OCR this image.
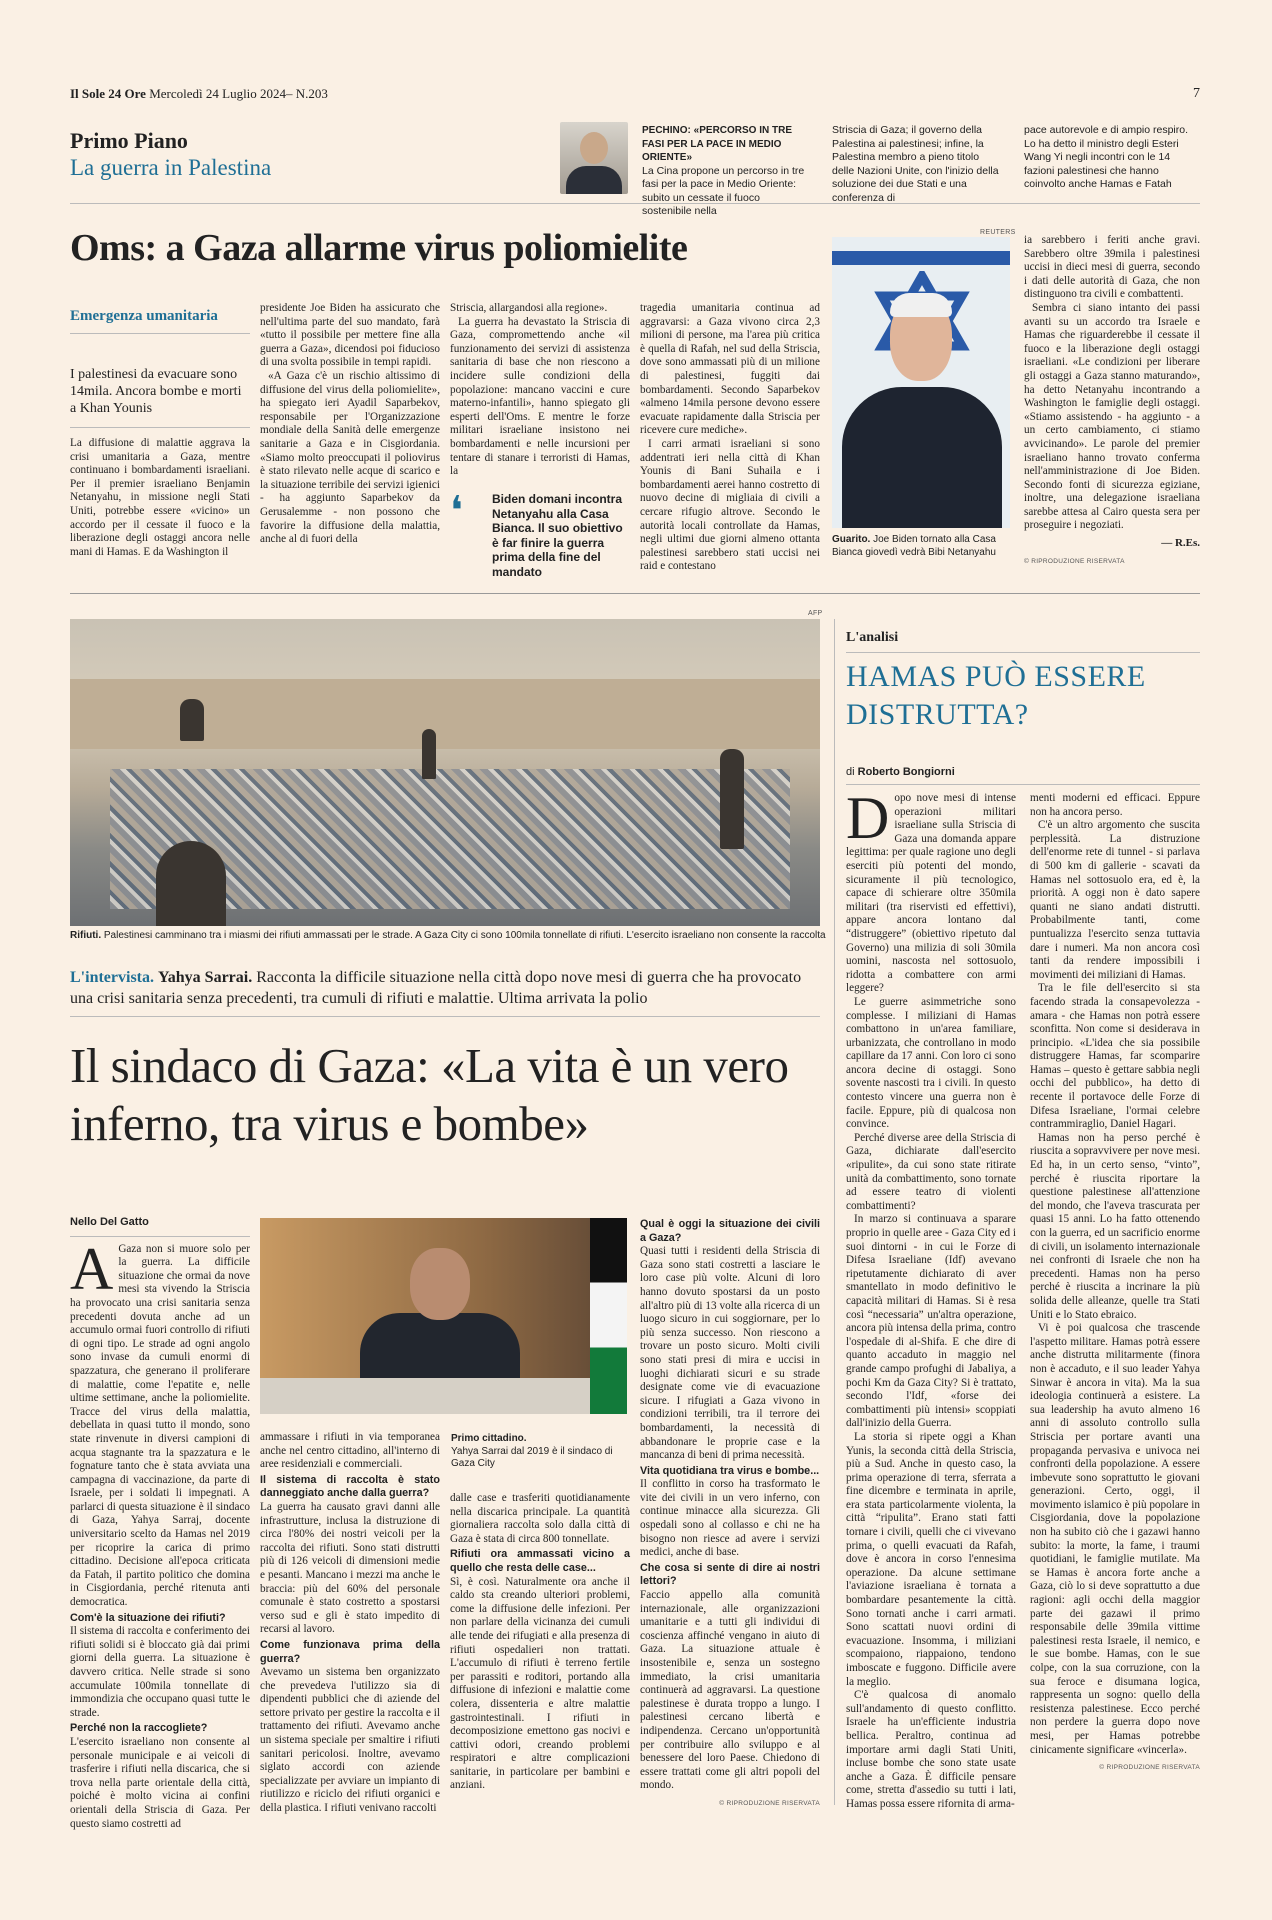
Il Sole 24 Ore Mercoledì 24 Luglio 2024– N.203	7
Primo Piano
La guerra in Palestina
PECHINO: «PERCORSO IN TRE FASI PER LA PACE IN MEDIO ORIENTE»
La Cina propone un percorso in tre fasi per la pace in Medio Oriente: subito un cessate il fuoco sostenibile nella
Striscia di Gaza; il governo della Palestina ai palestinesi; infine, la Palestina membro a pieno titolo delle Nazioni Unite, con l'inizio della soluzione dei due Stati e una conferenza di
pace autorevole e di ampio respiro. Lo ha detto il ministro degli Esteri Wang Yi negli incontri con le 14 fazioni palestinesi che hanno coinvolto anche Hamas e Fatah
Oms: a Gaza allarme virus poliomielite
Emergenza umanitaria
I palestinesi da evacuare sono 14mila. Ancora bombe e morti a Khan Younis

La diffusione di malattie aggrava la crisi umanitaria a Gaza, mentre continuano i bombardamenti israeliani. Per il premier israeliano Benjamin Netanyahu, in missione negli Stati Uniti, potrebbe essere «vicino» un accordo per il cessate il fuoco e la liberazione degli ostaggi ancora nelle mani di Hamas. E da Washington il

presidente Joe Biden ha assicurato che nell'ultima parte del suo mandato, farà «tutto il possibile per mettere fine alla guerra a Gaza», dicendosi poi fiducioso di una svolta possibile in tempi rapidi.

«A Gaza c'è un rischio altissimo di diffusione del virus della poliomielite», ha spiegato ieri Ayadil Saparbekov, responsabile per l'Organizzazione mondiale della Sanità delle emergenze sanitarie a Gaza e in Cisgiordania. «Siamo molto preoccupati il poliovirus è stato rilevato nelle acque di scarico e la situazione terribile dei servizi igienici - ha aggiunto Saparbekov da Gerusalemme - non possono che favorire la diffusione della malattia, anche al di fuori della

Striscia, allargandosi alla regione».

La guerra ha devastato la Striscia di Gaza, compromettendo anche «il funzionamento dei servizi di assistenza sanitaria di base che non riescono a incidere sulle condizioni della popolazione: mancano vaccini e cure materno-infantili», hanno spiegato gli esperti dell'Oms. E mentre le forze militari israeliane insistono nei bombardamenti e nelle incursioni per tentare di stanare i terroristi di Hamas, la

❛ Biden domani incontra Netanyahu alla Casa Bianca. Il suo obiettivo è far finire la guerra prima della fine del mandato

tragedia umanitaria continua ad aggravarsi: a Gaza vivono circa 2,3 milioni di persone, ma l'area più critica è quella di Rafah, nel sud della Striscia, dove sono ammassati più di un milione di palestinesi, fuggiti dai bombardamenti. Secondo Saparbekov «almeno 14mila persone devono essere evacuate rapidamente dalla Striscia per ricevere cure mediche».

I carri armati israeliani si sono addentrati ieri nella città di Khan Younis di Bani Suhaila e i bombardamenti aerei hanno costretto di nuovo decine di migliaia di civili a cercare rifugio altrove. Secondo le autorità locali controllate da Hamas, negli ultimi due giorni almeno ottanta palestinesi sarebbero stati uccisi nei raid e contestano

REUTERS
Guarito. Joe Biden tornato alla Casa Bianca giovedì vedrà Bibi Netanyahu

ia sarebbero i feriti anche gravi. Sarebbero oltre 39mila i palestinesi uccisi in dieci mesi di guerra, secondo i dati delle autorità di Gaza, che non distinguono tra civili e combattenti.

Sembra ci siano intanto dei passi avanti su un accordo tra Israele e Hamas che riguarderebbe il cessate il fuoco e la liberazione degli ostaggi israeliani. «Le condizioni per liberare gli ostaggi a Gaza stanno maturando», ha detto Netanyahu incontrando a Washington le famiglie degli ostaggi. «Stiamo assistendo - ha aggiunto - a un certo cambiamento, ci stiamo avvicinando». Le parole del premier israeliano hanno trovato conferma nell'amministrazione di Joe Biden. Secondo fonti di sicurezza egiziane, inoltre, una delegazione israeliana sarebbe attesa al Cairo questa sera per proseguire i negoziati.

— R.Es.
© RIPRODUZIONE RISERVATA
AFP
Rifiuti. Palestinesi camminano tra i miasmi dei rifiuti ammassati per le strade. A Gaza City ci sono 100mila tonnellate di rifiuti. L'esercito israeliano non consente la raccolta
L'intervista. Yahya Sarrai. Racconta la difficile situazione nella città dopo nove mesi di guerra che ha provocato una crisi sanitaria senza precedenti, tra cumuli di rifiuti e malattie. Ultima arrivata la polio
Il sindaco di Gaza: «La vita è un vero inferno, tra virus e bombe»
Nello Del Gatto

A Gaza non si muore solo per la guerra. La difficile situazione che ormai da nove mesi sta vivendo la Striscia ha provocato una crisi sanitaria senza precedenti dovuta anche ad un accumulo ormai fuori controllo di rifiuti di ogni tipo. Le strade ad ogni angolo sono invase da cumuli enormi di spazzatura, che generano il proliferare di malattie, come l'epatite e, nelle ultime settimane, anche la poliomielite. Tracce del virus della malattia, debellata in quasi tutto il mondo, sono state rinvenute in diversi campioni di acqua stagnante tra la spazzatura e le fognature tanto che è stata avviata una campagna di vaccinazione, da parte di Israele, per i soldati li impegnati. A parlarci di questa situazione è il sindaco di Gaza, Yahya Sarraj, docente universitario scelto da Hamas nel 2019 per ricoprire la carica di primo cittadino. Decisione all'epoca criticata da Fatah, il partito politico che domina in Cisgiordania, perché ritenuta anti democratica.

Com'è la situazione dei rifiuti?

Il sistema di raccolta e conferimento dei rifiuti solidi si è bloccato già dai primi giorni della guerra. La situazione è davvero critica. Nelle strade si sono accumulate 100mila tonnellate di immondizia che occupano quasi tutte le strade.

Perché non la raccogliete?

L'esercito israeliano non consente al personale municipale e ai veicoli di trasferire i rifiuti nella discarica, che si trova nella parte orientale della città, poiché è molto vicina ai confini orientali della Striscia di Gaza. Per questo siamo costretti ad

Primo cittadino.
Yahya Sarrai dal 2019 è il sindaco di Gaza City

ammassare i rifiuti in via temporanea anche nel centro cittadino, all'interno di aree residenziali e commerciali.

Il sistema di raccolta è stato danneggiato anche dalla guerra?

La guerra ha causato gravi danni alle infrastrutture, inclusa la distruzione di circa l'80% dei nostri veicoli per la raccolta dei rifiuti. Sono stati distrutti più di 126 veicoli di dimensioni medie e pesanti. Mancano i mezzi ma anche le braccia: più del 60% del personale comunale è stato costretto a spostarsi verso sud e gli è stato impedito di recarsi al lavoro.

Come funzionava prima della guerra?

Avevamo un sistema ben organizzato che prevedeva l'utilizzo sia di dipendenti pubblici che di aziende del settore privato per gestire la raccolta e il trattamento dei rifiuti. Avevamo anche un sistema speciale per smaltire i rifiuti sanitari pericolosi. Inoltre, avevamo siglato accordi con aziende specializzate per avviare un impianto di riutilizzo e riciclo dei rifiuti organici e della plastica. I rifiuti venivano raccolti

dalle case e trasferiti quotidianamente nella discarica principale. La quantità giornaliera raccolta solo dalla città di Gaza è stata di circa 800 tonnellate.

Rifiuti ora ammassati vicino a quello che resta delle case...

Sì, è così. Naturalmente ora anche il caldo sta creando ulteriori problemi, come la diffusione delle infezioni. Per non parlare della vicinanza dei cumuli alle tende dei rifugiati e alla presenza di rifiuti ospedalieri non trattati. L'accumulo di rifiuti è terreno fertile per parassiti e roditori, portando alla diffusione di infezioni e malattie come colera, dissenteria e altre malattie gastrointestinali. I rifiuti in decomposizione emettono gas nocivi e cattivi odori, creando problemi respiratori e altre complicazioni sanitarie, in particolare per bambini e anziani.

Qual è oggi la situazione dei civili a Gaza?

Quasi tutti i residenti della Striscia di Gaza sono stati costretti a lasciare le loro case più volte. Alcuni di loro hanno dovuto spostarsi da un posto all'altro più di 13 volte alla ricerca di un luogo sicuro in cui soggiornare, per lo più senza successo. Non riescono a trovare un posto sicuro. Molti civili sono stati presi di mira e uccisi in luoghi dichiarati sicuri e su strade designate come vie di evacuazione sicure. I rifugiati a Gaza vivono in condizioni terribili, tra il terrore dei bombardamenti, la necessità di abbandonare le proprie case e la mancanza di beni di prima necessità.

Vita quotidiana tra virus e bombe...

Il conflitto in corso ha trasformato le vite dei civili in un vero inferno, con continue minacce alla sicurezza. Gli ospedali sono al collasso e chi ne ha bisogno non riesce ad avere i servizi medici, anche di base.

Che cosa si sente di dire ai nostri lettori?

Faccio appello alla comunità internazionale, alle organizzazioni umanitarie e a tutti gli individui di coscienza affinché vengano in aiuto di Gaza. La situazione attuale è insostenibile e, senza un sostegno immediato, la crisi umanitaria continuerà ad aggravarsi. La questione palestinese è durata troppo a lungo. I palestinesi cercano libertà e indipendenza. Cercano un'opportunità per contribuire allo sviluppo e al benessere del loro Paese. Chiedono di essere trattati come gli altri popoli del mondo.

© RIPRODUZIONE RISERVATA
L'analisi
HAMAS PUÒ ESSERE DISTRUTTA?
di Roberto Bongiorni

Dopo nove mesi di intense operazioni militari israeliane sulla Striscia di Gaza una domanda appare legittima: per quale ragione uno degli eserciti più potenti del mondo, sicuramente il più tecnologico, capace di schierare oltre 350mila militari (tra riservisti ed effettivi), appare ancora lontano dal “distruggere” (obiettivo ripetuto dal Governo) una milizia di soli 30mila uomini, nascosta nel sottosuolo, ridotta a combattere con armi leggere?

Le guerre asimmetriche sono complesse. I miliziani di Hamas combattono in un'area familiare, urbanizzata, che controllano in modo capillare da 17 anni. Con loro ci sono ancora decine di ostaggi. Sono sovente nascosti tra i civili. In questo contesto vincere una guerra non è facile. Eppure, più di qualcosa non convince.

Perché diverse aree della Striscia di Gaza, dichiarate dall'esercito «ripulite», da cui sono state ritirate unità da combattimento, sono tornate ad essere teatro di violenti combattimenti?

In marzo si continuava a sparare proprio in quelle aree - Gaza City ed i suoi dintorni - in cui le Forze di Difesa Israeliane (Idf) avevano ripetutamente dichiarato di aver smantellato in modo definitivo le capacità militari di Hamas. Si è resa così “necessaria” un'altra operazione, ancora più intensa della prima, contro l'ospedale di al-Shifa. E che dire di quanto accaduto in maggio nel grande campo profughi di Jabaliya, a pochi Km da Gaza City? Si è trattato, secondo l'Idf, «forse dei combattimenti più intensi» scoppiati dall'inizio della Guerra.

La storia si ripete oggi a Khan Yunis, la seconda città della Striscia, più a Sud. Anche in questo caso, la prima operazione di terra, sferrata a fine dicembre e terminata in aprile, era stata particolarmente violenta, la città “ripulita”. Erano stati fatti tornare i civili, quelli che ci vivevano prima, o quelli evacuati da Rafah, dove è ancora in corso l'ennesima operazione. Da alcune settimane l'aviazione israeliana è tornata a bombardare pesantemente la città. Sono tornati anche i carri armati. Sono scattati nuovi ordini di evacuazione. Insomma, i miliziani scompaiono, riappaiono, tendono imboscate e fuggono. Difficile avere la meglio.

C'è qualcosa di anomalo sull'andamento di questo conflitto. Israele ha un'efficiente industria bellica. Peraltro, continua ad importare armi dagli Stati Uniti, incluse bombe che sono state usate anche a Gaza. È difficile pensare come, stretta d'assedio su tutti i lati, Hamas possa essere rifornita di arma-

menti moderni ed efficaci. Eppure non ha ancora perso.

C'è un altro argomento che suscita perplessità. La distruzione dell'enorme rete di tunnel - si parlava di 500 km di gallerie - scavati da Hamas nel sottosuolo era, ed è, la priorità. A oggi non è dato sapere quanti ne siano andati distrutti. Probabilmente tanti, come puntualizza l'esercito senza tuttavia dare i numeri. Ma non ancora così tanti da rendere impossibili i movimenti dei miliziani di Hamas.

Tra le file dell'esercito si sta facendo strada la consapevolezza - amara - che Hamas non potrà essere sconfitta. Non come si desiderava in principio. «L'idea che sia possibile distruggere Hamas, far scomparire Hamas – questo è gettare sabbia negli occhi del pubblico», ha detto di recente il portavoce delle Forze di Difesa Israeliane, l'ormai celebre contrammiraglio, Daniel Hagari.

Hamas non ha perso perché è riuscita a sopravvivere per nove mesi. Ed ha, in un certo senso, “vinto”, perché è riuscita riportare la questione palestinese all'attenzione del mondo, che l'aveva trascurata per quasi 15 anni. Lo ha fatto ottenendo con la guerra, ed un sacrificio enorme di civili, un isolamento internazionale nei confronti di Israele che non ha precedenti. Hamas non ha perso perché è riuscita a incrinare la più solida delle alleanze, quelle tra Stati Uniti e lo Stato ebraico.

Vi è poi qualcosa che trascende l'aspetto militare. Hamas potrà essere anche distrutta militarmente (finora non è accaduto, e il suo leader Yahya Sinwar è ancora in vita). Ma la sua ideologia continuerà a esistere. La sua leadership ha avuto almeno 16 anni di assoluto controllo sulla Striscia per portare avanti una propaganda pervasiva e univoca nei confronti della popolazione. A essere imbevute sono soprattutto le giovani generazioni. Certo, oggi, il movimento islamico è più popolare in Cisgiordania, dove la popolazione non ha subito ciò che i gazawi hanno subito: la morte, la fame, i traumi quotidiani, le famiglie mutilate. Ma se Hamas è ancora forte anche a Gaza, ciò lo si deve soprattutto a due ragioni: agli occhi della maggior parte dei gazawi il primo responsabile delle 39mila vittime palestinesi resta Israele, il nemico, e le sue bombe. Hamas, con le sue colpe, con la sua corruzione, con la sua feroce e disumana logica, rappresenta un sogno: quello della resistenza palestinese. Ecco perché non perdere la guerra dopo nove mesi, per Hamas potrebbe cinicamente significare «vincerla».

© RIPRODUZIONE RISERVATA
